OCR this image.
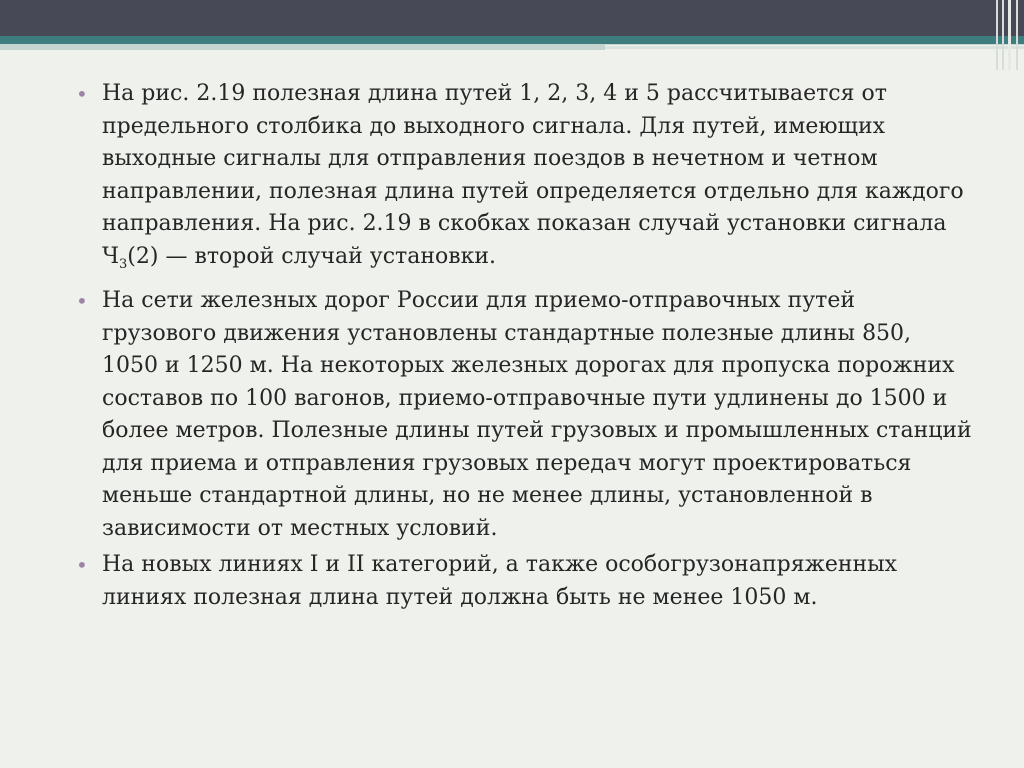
• На рис. 2.19 полезная длина путей 1, 2, 3, 4 и 5 рассчитывается от предельного столбика до выходного сигнала. Для путей, имеющих выходные сигналы для отправления поездов в нечетном и четном направлении, полезная длина путей определяется отдельно для каждого направления. На рис. 2.19 в скобках показан случай установки сигнала $Ч_3(2)$ — второй случай установки.
• На сети железных дорог России для приемо-отправочных путей грузового движения установлены стандартные полезные длины 850, 1050 и 1250 м. На некоторых железных дорогах для пропуска порожних составов по 100 вагонов, приемо-отправочные пути удлинены до 1500 и более метров. Полезные длины путей грузовых и промышленных станций для приема и отправления грузовых передач могут проектироваться меньше стандартной длины, но не менее длины, установленной в зависимости от местных условий.
• На новых линиях I и II категорий, а также особогрузонапряженных линиях полезная длина путей должна быть не менее 1050 м.
